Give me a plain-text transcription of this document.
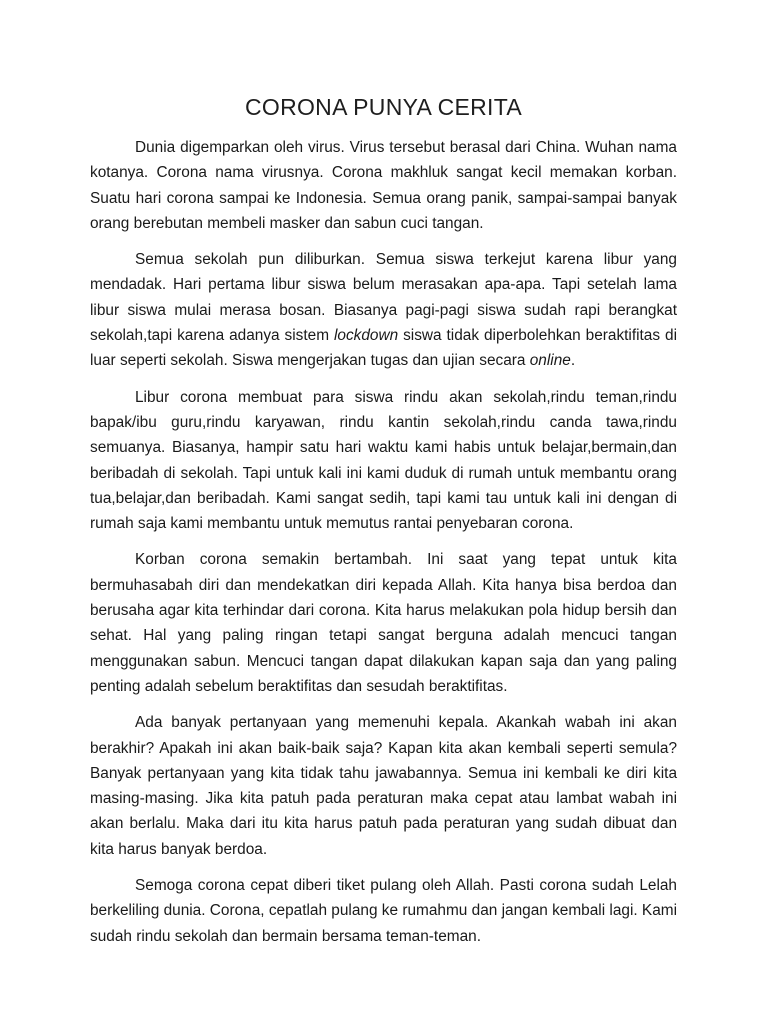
CORONA PUNYA CERITA

Dunia digemparkan oleh virus. Virus tersebut berasal dari China. Wuhan nama kotanya. Corona nama virusnya. Corona makhluk sangat kecil memakan korban. Suatu hari corona sampai ke Indonesia. Semua orang panik, sampai-sampai banyak orang berebutan membeli masker dan sabun cuci tangan.

Semua sekolah pun diliburkan. Semua siswa terkejut karena libur yang mendadak. Hari pertama libur siswa belum merasakan apa-apa. Tapi setelah lama libur siswa mulai merasa bosan. Biasanya pagi-pagi siswa sudah rapi berangkat sekolah,tapi karena adanya sistem lockdown siswa tidak diperbolehkan beraktifitas di luar seperti sekolah. Siswa mengerjakan tugas dan ujian secara online.

Libur corona membuat para siswa rindu akan sekolah,rindu teman,rindu bapak/ibu guru,rindu karyawan, rindu kantin sekolah,rindu canda tawa,rindu semuanya. Biasanya, hampir satu hari waktu kami habis untuk belajar,bermain,dan beribadah di sekolah. Tapi untuk kali ini kami duduk di rumah untuk membantu orang tua,belajar,dan beribadah. Kami sangat sedih, tapi kami tau untuk kali ini dengan di rumah saja kami membantu untuk memutus rantai penyebaran corona.

Korban corona semakin bertambah. Ini saat yang tepat untuk kita bermuhasabah diri dan mendekatkan diri kepada Allah. Kita hanya bisa berdoa dan berusaha agar kita terhindar dari corona. Kita harus melakukan pola hidup bersih dan sehat. Hal yang paling ringan tetapi sangat berguna adalah mencuci tangan menggunakan sabun. Mencuci tangan dapat dilakukan kapan saja dan yang paling penting adalah sebelum beraktifitas dan sesudah beraktifitas.

Ada banyak pertanyaan yang memenuhi kepala. Akankah wabah ini akan berakhir? Apakah ini akan baik-baik saja? Kapan kita akan kembali seperti semula? Banyak pertanyaan yang kita tidak tahu jawabannya. Semua ini kembali ke diri kita masing-masing. Jika kita patuh pada peraturan maka cepat atau lambat wabah ini akan berlalu. Maka dari itu kita harus patuh pada peraturan yang sudah dibuat dan kita harus banyak berdoa.

Semoga corona cepat diberi tiket pulang oleh Allah. Pasti corona sudah Lelah berkeliling dunia. Corona, cepatlah pulang ke rumahmu dan jangan kembali lagi. Kami sudah rindu sekolah dan bermain bersama teman-teman.
